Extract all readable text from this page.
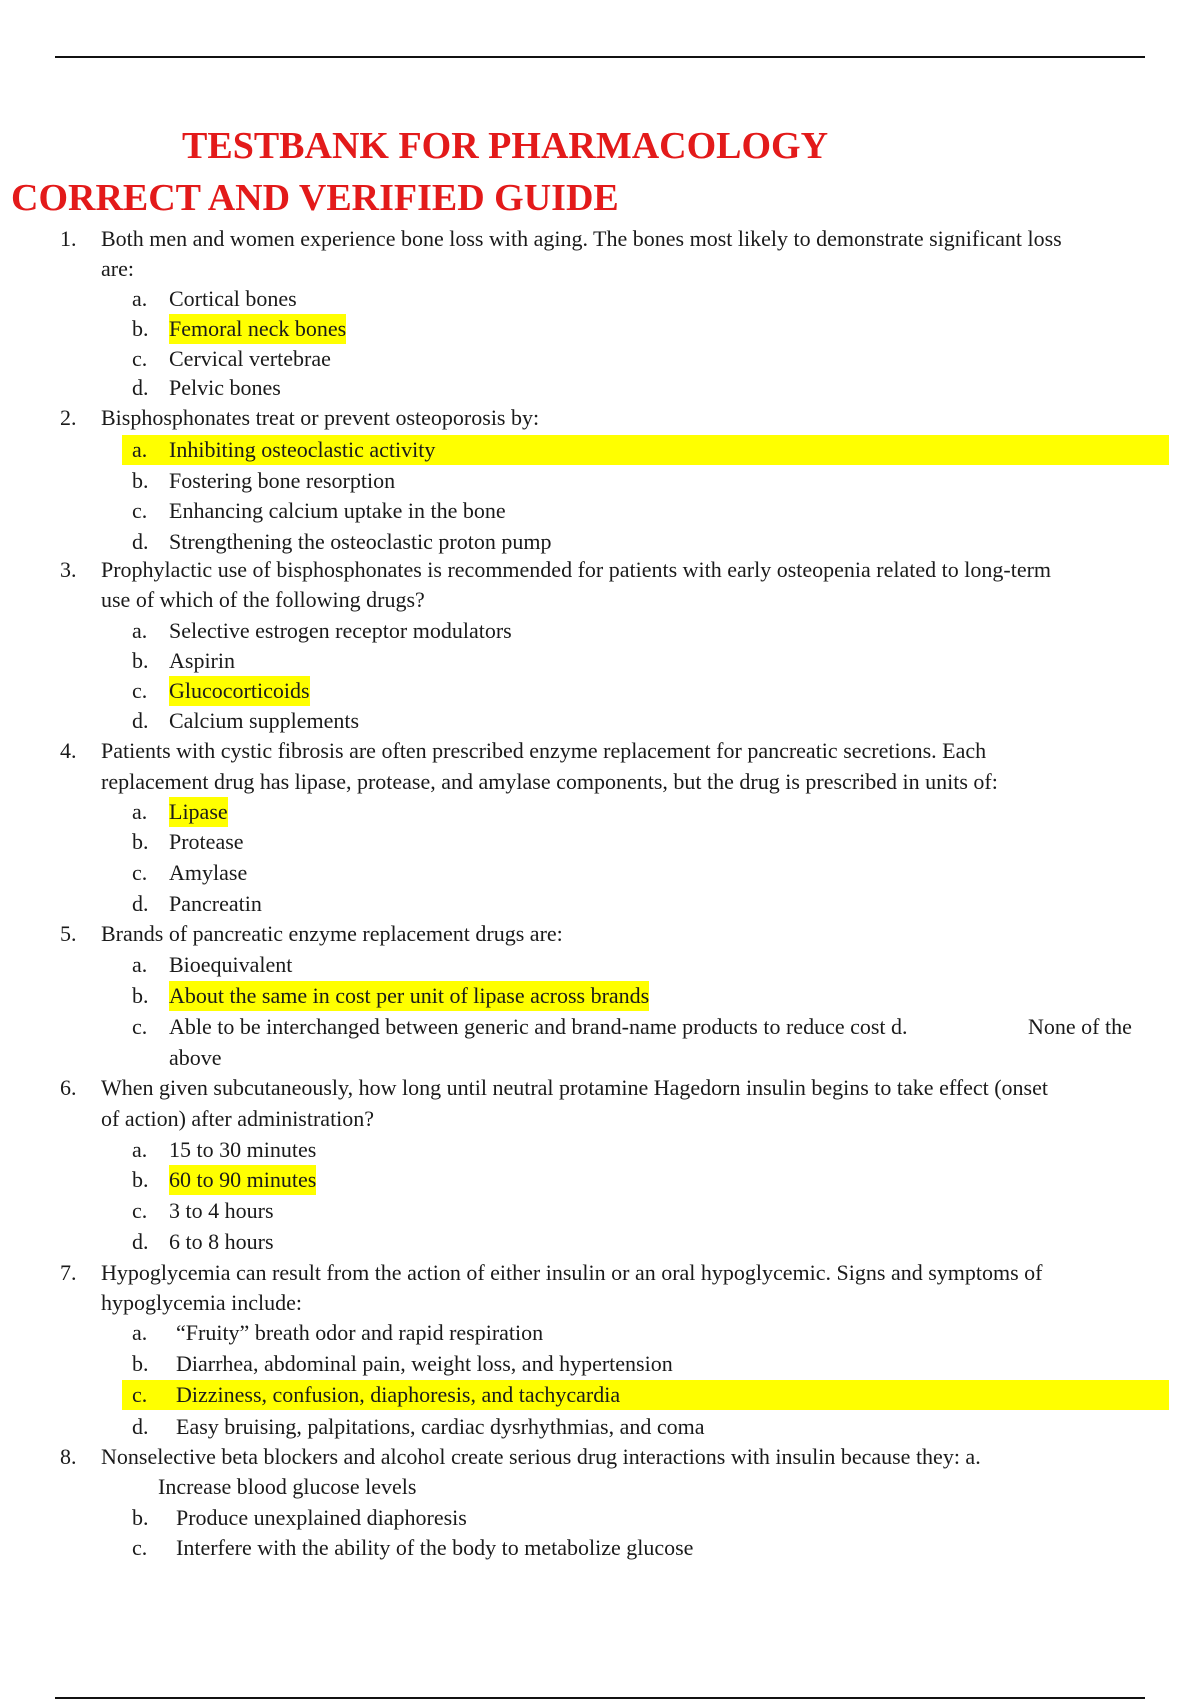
TESTBANK FOR PHARMACOLOGY
CORRECT AND VERIFIED GUIDE
1. Both men and women experience bone loss with aging. The bones most likely to demonstrate significant loss
are:
a. Cortical bones
b. Femoral neck bones
c. Cervical vertebrae
d. Pelvic bones
2. Bisphosphonates treat or prevent osteoporosis by:
a. Inhibiting osteoclastic activity
b. Fostering bone resorption
c. Enhancing calcium uptake in the bone
d. Strengthening the osteoclastic proton pump
3. Prophylactic use of bisphosphonates is recommended for patients with early osteopenia related to long-term
use of which of the following drugs?
a. Selective estrogen receptor modulators
b. Aspirin
c. Glucocorticoids
d. Calcium supplements
4. Patients with cystic fibrosis are often prescribed enzyme replacement for pancreatic secretions. Each
replacement drug has lipase, protease, and amylase components, but the drug is prescribed in units of:
a. Lipase
b. Protease
c. Amylase
d. Pancreatin
5. Brands of pancreatic enzyme replacement drugs are:
a. Bioequivalent
b. About the same in cost per unit of lipase across brands
c. Able to be interchanged between generic and brand-name products to reduce cost d.	None of the
above
6. When given subcutaneously, how long until neutral protamine Hagedorn insulin begins to take effect (onset
of action) after administration?
a. 15 to 30 minutes
b. 60 to 90 minutes
c. 3 to 4 hours
d. 6 to 8 hours
7. Hypoglycemia can result from the action of either insulin or an oral hypoglycemic. Signs and symptoms of
hypoglycemia include:
a. “Fruity” breath odor and rapid respiration
b. Diarrhea, abdominal pain, weight loss, and hypertension
c. Dizziness, confusion, diaphoresis, and tachycardia
d. Easy bruising, palpitations, cardiac dysrhythmias, and coma
8. Nonselective beta blockers and alcohol create serious drug interactions with insulin because they: a.
Increase blood glucose levels
b. Produce unexplained diaphoresis
c. Interfere with the ability of the body to metabolize glucose
